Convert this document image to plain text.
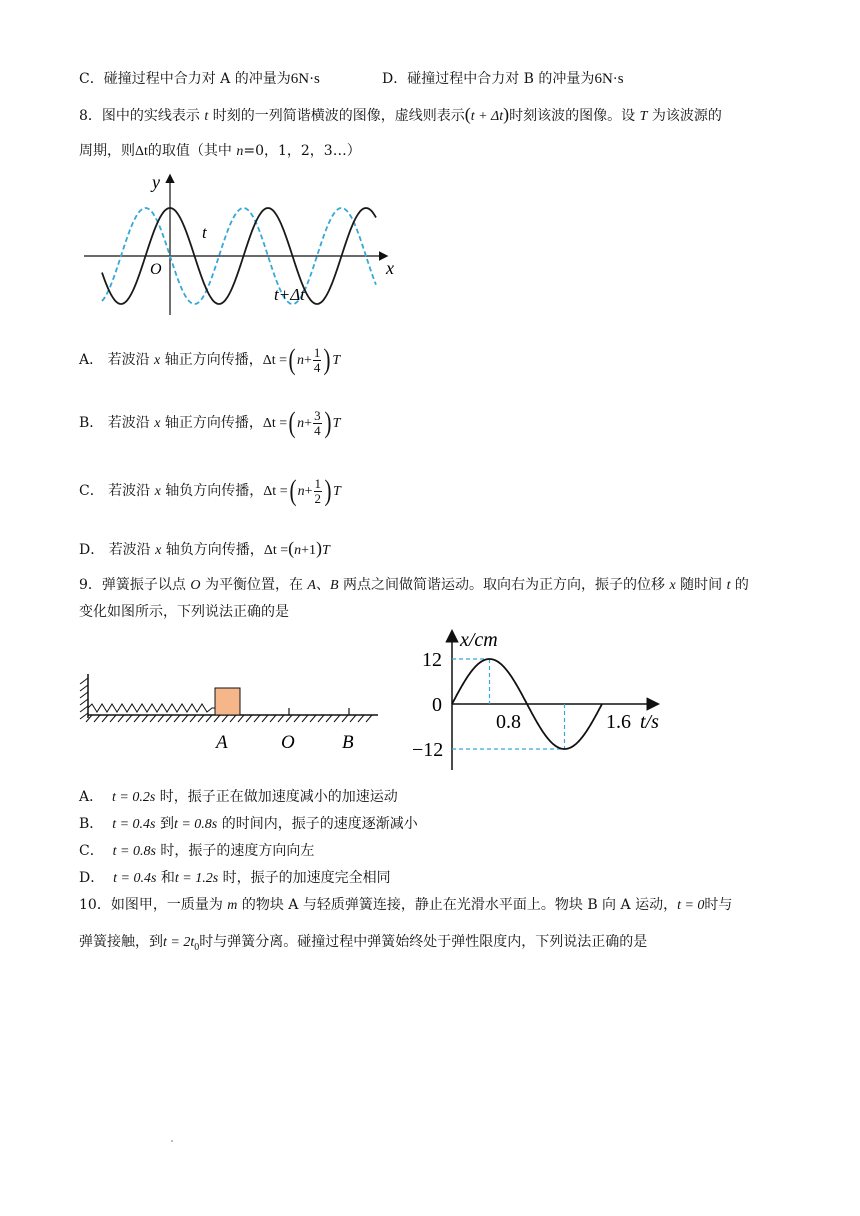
C．碰撞过程中合力对 A 的冲量为6N·s	D．碰撞过程中合力对 B 的冲量为6N·s
8．图中的实线表示 t 时刻的一列简谐横波的图像，虚线则表示(t + Δt)时刻该波的图像。设 T 为该波源的
周期，则Δt的取值（其中 n=0，1，2，3…）
y
x
O
t
t+Δt
A． 若波沿 x 轴正方向传播，Δt =( $n+ \frac{1}{4}$ ) T
B． 若波沿 x 轴正方向传播，Δt =( $n+ \frac{3}{4}$ ) T
C． 若波沿 x 轴负方向传播，Δt =( $n+ \frac{1}{2}$ ) T
D． 若波沿 x 轴负方向传播，Δt =(n+1)T
9．弹簧振子以点 O 为平衡位置，在 A、B 两点之间做简谐运动。取向右为正方向，振子的位移 x 随时间 t 的
变化如图所示，下列说法正确的是
A	O B
x/cm
t/s
12
0
−12
0.8	1.6
A． t = 0.2s 时，振子正在做加速度减小的加速运动
B． t = 0.4s 到t = 0.8s 的时间内，振子的速度逐渐减小
C． t = 0.8s 时，振子的速度方向向左
D． t = 0.4s 和t = 1.2s 时，振子的加速度完全相同
10．如图甲，一质量为 m 的物块 A 与轻质弹簧连接，静止在光滑水平面上。物块 B 向 A 运动，t = 0时与
弹簧接触，到$t = 2t_0$时与弹簧分离。碰撞过程中弹簧始终处于弹性限度内，下列说法正确的是
